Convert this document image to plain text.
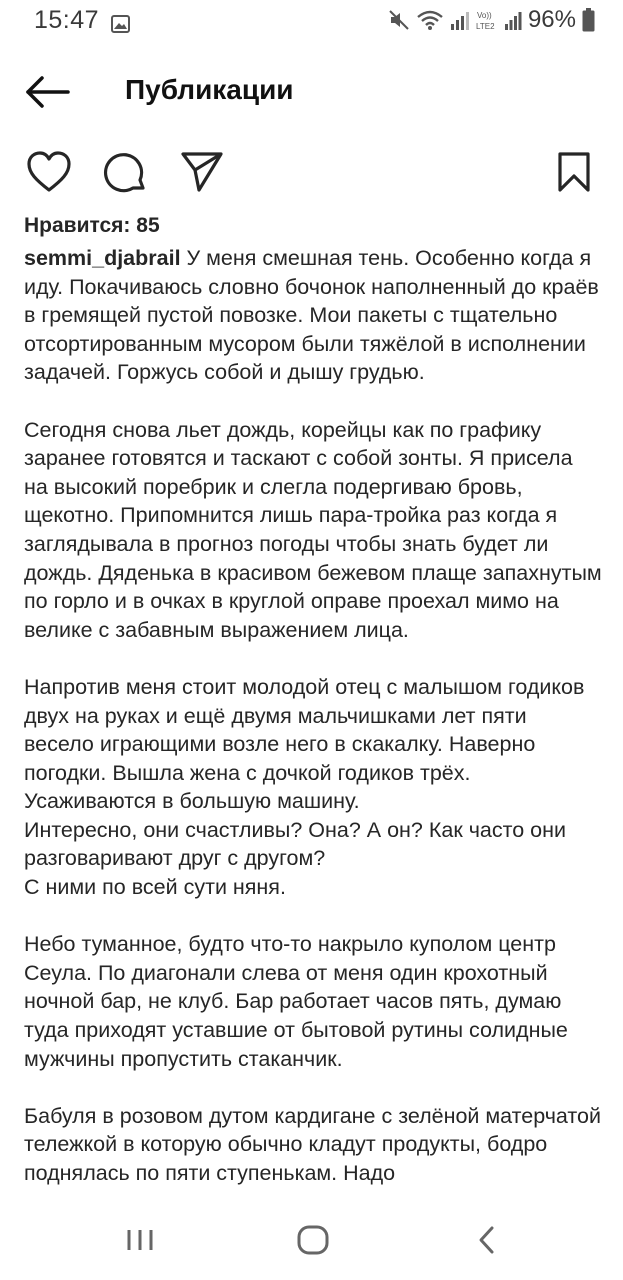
15:47	Vo))
LTE2 96%
Публикации
Нравится: 85
semmi_djabrail У меня смешная тень. Особенно когда я иду. Покачиваюсь словно бочонок наполненный до краёв в гремящей пустой повозке. Мои пакеты с тщательно отсортированным мусором были тяжёлой в исполнении задачей. Горжусь собой и дышу грудью.

Сегодня снова льет дождь, корейцы как по графику заранее готовятся и таскают с собой зонты. Я присела на высокий поребрик и слегла подергиваю бровь, щекотно. Припомнится лишь пара-тройка раз когда я заглядывала в прогноз погоды чтобы знать будет ли дождь. Дяденька в красивом бежевом плаще запахнутым по горло и в очках в круглой оправе проехал мимо на велике с забавным выражением лица.

Напротив меня стоит молодой отец с малышом годиков двух на руках и ещё двумя мальчишками лет пяти весело играющими возле него в скакалку. Наверно погодки. Вышла жена с дочкой годиков трёх. Усаживаются в большую машину.
Интересно, они счастливы? Она? А он? Как часто они разговаривают друг с другом?
С ними по всей сути няня.

Небо туманное, будто что-то накрыло куполом центр Сеула. По диагонали слева от меня один крохотный ночной бар, не клуб. Бар работает часов пять, думаю туда приходят уставшие от бытовой рутины солидные мужчины пропустить стаканчик.

Бабуля в розовом дутом кардигане с зелёной матерчатой тележкой в которую обычно кладут продукты, бодро поднялась по пяти ступенькам. Надо
